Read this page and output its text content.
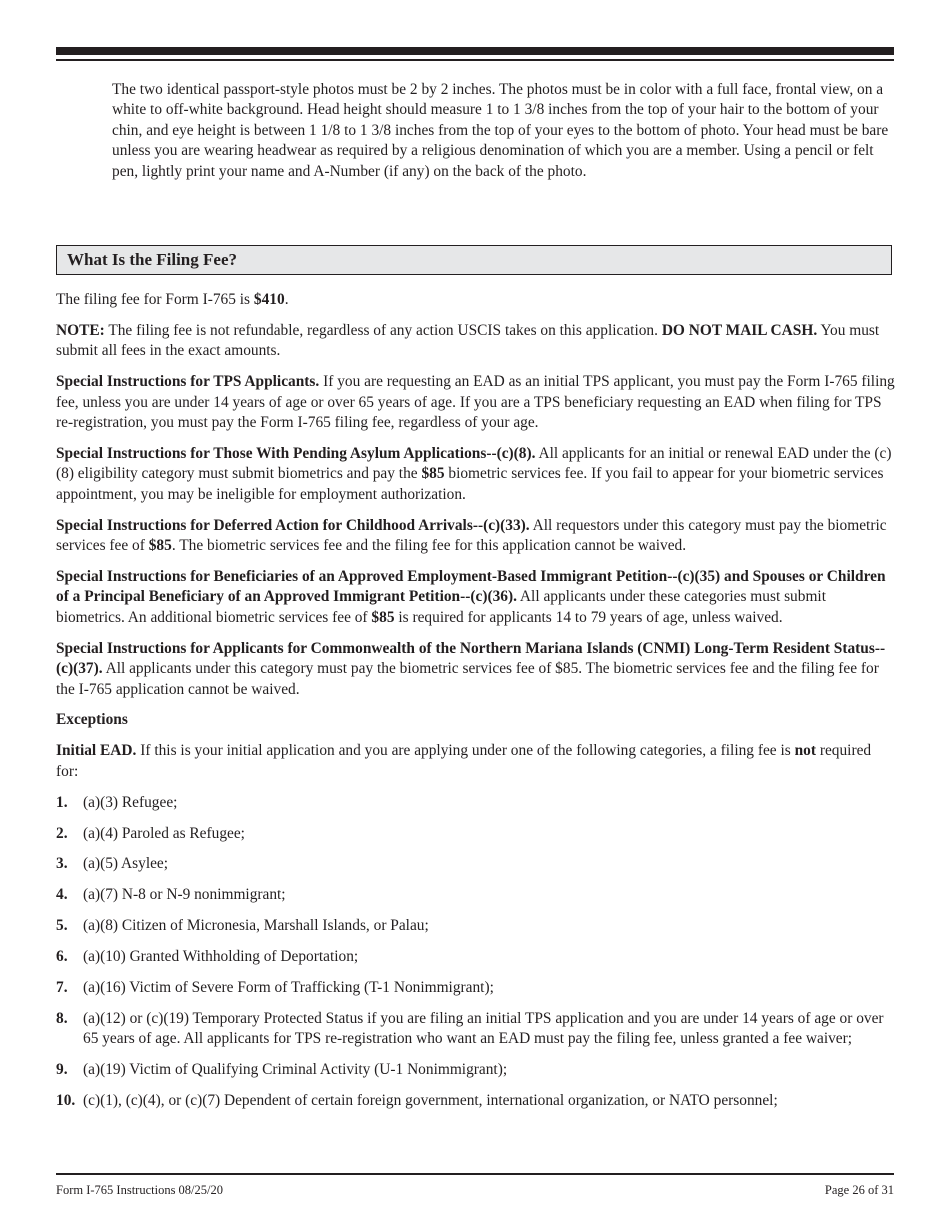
The two identical passport-style photos must be 2 by 2 inches. The photos must be in color with a full face, frontal view, on a white to off-white background. Head height should measure 1 to 1 3/8 inches from the top of your hair to the bottom of your chin, and eye height is between 1 1/8 to 1 3/8 inches from the top of your eyes to the bottom of photo. Your head must be bare unless you are wearing headwear as required by a religious denomination of which you are a member. Using a pencil or felt pen, lightly print your name and A-Number (if any) on the back of the photo.

What Is the Filing Fee?

The filing fee for Form I-765 is $410.

NOTE: The filing fee is not refundable, regardless of any action USCIS takes on this application. DO NOT MAIL CASH. You must submit all fees in the exact amounts.

Special Instructions for TPS Applicants. If you are requesting an EAD as an initial TPS applicant, you must pay the Form I-765 filing fee, unless you are under 14 years of age or over 65 years of age. If you are a TPS beneficiary requesting an EAD when filing for TPS re-registration, you must pay the Form I-765 filing fee, regardless of your age.

Special Instructions for Those With Pending Asylum Applications--(c)(8). All applicants for an initial or renewal EAD under the (c)(8) eligibility category must submit biometrics and pay the $85 biometric services fee. If you fail to appear for your biometric services appointment, you may be ineligible for employment authorization.

Special Instructions for Deferred Action for Childhood Arrivals--(c)(33). All requestors under this category must pay the biometric services fee of $85. The biometric services fee and the filing fee for this application cannot be waived.

Special Instructions for Beneficiaries of an Approved Employment-Based Immigrant Petition--(c)(35) and Spouses or Children of a Principal Beneficiary of an Approved Immigrant Petition--(c)(36). All applicants under these categories must submit biometrics. An additional biometric services fee of $85 is required for applicants 14 to 79 years of age, unless waived.

Special Instructions for Applicants for Commonwealth of the Northern Mariana Islands (CNMI) Long-Term Resident Status--(c)(37). All applicants under this category must pay the biometric services fee of $85. The biometric services fee and the filing fee for the I-765 application cannot be waived.

Exceptions

Initial EAD. If this is your initial application and you are applying under one of the following categories, a filing fee is not required for:

1.	(a)(3) Refugee;
2.	(a)(4) Paroled as Refugee;
3.	(a)(5) Asylee;
4.	(a)(7) N-8 or N-9 nonimmigrant;
5.	(a)(8) Citizen of Micronesia, Marshall Islands, or Palau;
6.	(a)(10) Granted Withholding of Deportation;
7.	(a)(16) Victim of Severe Form of Trafficking (T-1 Nonimmigrant);
8.	(a)(12) or (c)(19) Temporary Protected Status if you are filing an initial TPS application and you are under 14 years of age or over 65 years of age. All applicants for TPS re-registration who want an EAD must pay the filing fee, unless granted a fee waiver;
9.	(a)(19) Victim of Qualifying Criminal Activity (U-1 Nonimmigrant);
10. (c)(1), (c)(4), or (c)(7) Dependent of certain foreign government, international organization, or NATO personnel;
Form I-765 Instructions 08/25/20	Page 26 of 31
